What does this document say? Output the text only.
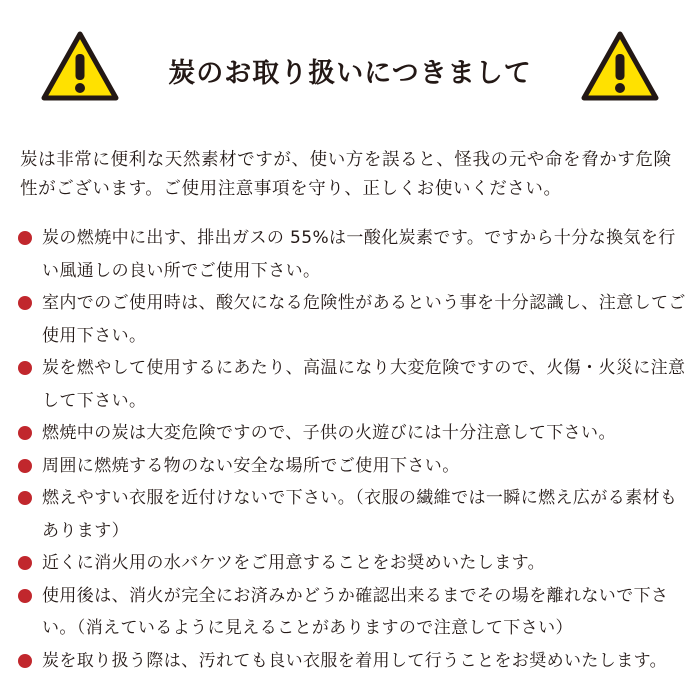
炭のお取り扱いにつきまして

炭は非常に便利な天然素材ですが、使い方を誤ると、怪我の元や命を脅かす危険性がございます。ご使用注意事項を守り、正しくお使いください。

炭の燃焼中に出す、排出ガスの 55%は一酸化炭素です。ですから十分な換気を行い風通しの良い所でご使用下さい。
室内でのご使用時は、酸欠になる危険性があるという事を十分認識し、注意してご使用下さい。
炭を燃やして使用するにあたり、高温になり大変危険ですので、火傷・火災に注意して下さい。
燃焼中の炭は大変危険ですので、子供の火遊びには十分注意して下さい。
周囲に燃焼する物のない安全な場所でご使用下さい。
燃えやすい衣服を近付けないで下さい。（衣服の繊維では一瞬に燃え広がる素材もあります）
近くに消火用の水バケツをご用意することをお奨めいたします。
使用後は、消火が完全にお済みかどうか確認出来るまでその場を離れないで下さい。（消えているように見えることがありますので注意して下さい）
炭を取り扱う際は、汚れても良い衣服を着用して行うことをお奨めいたします。
